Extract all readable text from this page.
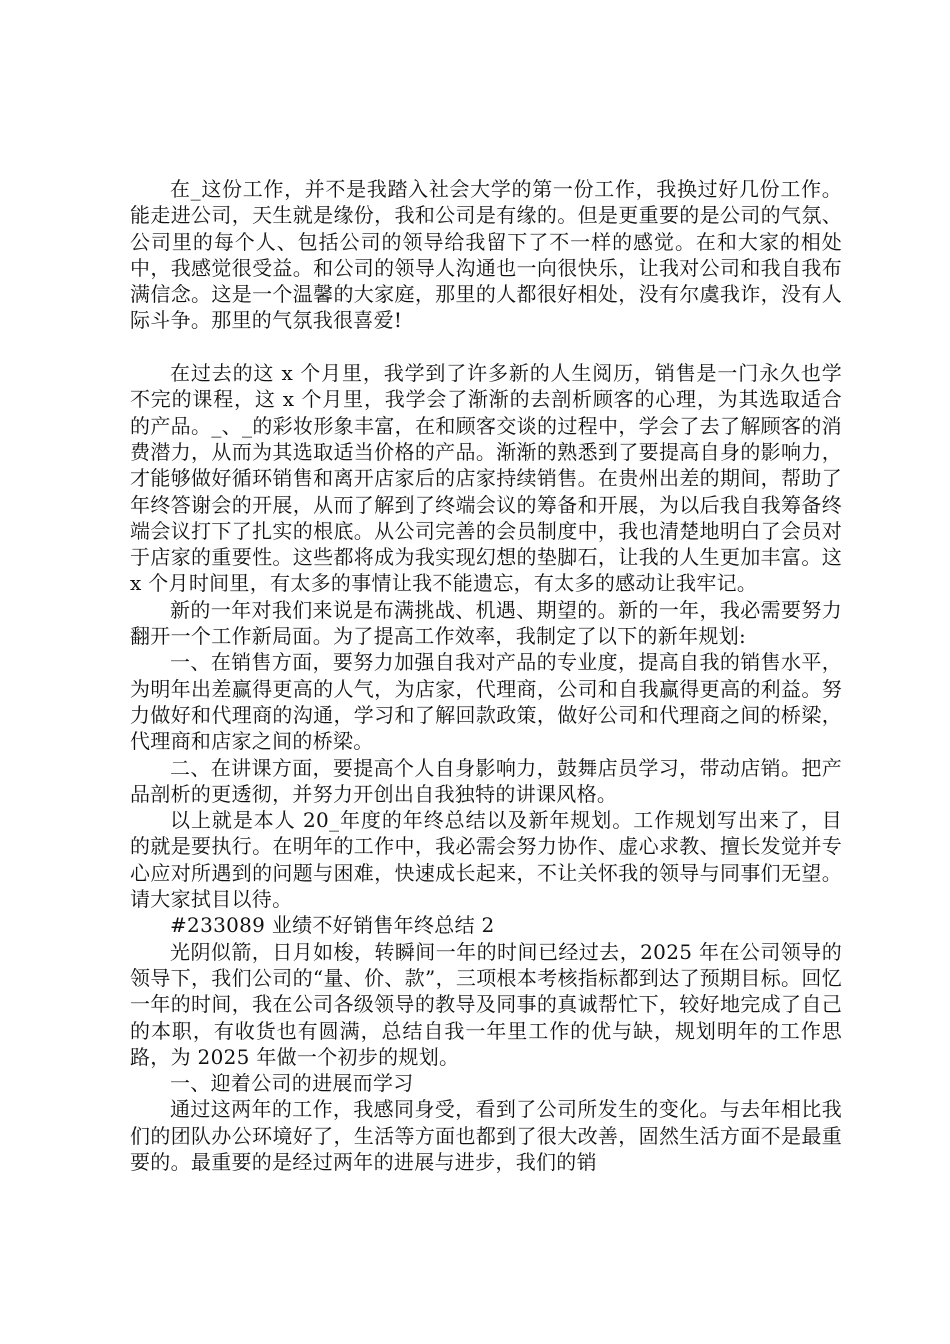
在_这份工作，并不是我踏入社会大学的第一份工作，我换过好几份工作。能走进公司，天生就是缘份，我和公司是有缘的。但是更重要的是公司的气氛、公司里的每个人、包括公司的领导给我留下了不一样的感觉。在和大家的相处中，我感觉很受益。和公司的领导人沟通也一向很快乐，让我对公司和我自我布满信念。这是一个温馨的大家庭，那里的人都很好相处，没有尔虞我诈，没有人际斗争。那里的气氛我很喜爱!

在过去的这 x 个月里，我学到了许多新的人生阅历，销售是一门永久也学不完的课程，这 x 个月里，我学会了渐渐的去剖析顾客的心理，为其选取适合的产品。_、_的彩妆形象丰富，在和顾客交谈的过程中，学会了去了解顾客的消费潜力，从而为其选取适当价格的产品。渐渐的熟悉到了要提高自身的影响力，才能够做好循环销售和离开店家后的店家持续销售。在贵州出差的期间，帮助了年终答谢会的开展，从而了解到了终端会议的筹备和开展，为以后我自我筹备终端会议打下了扎实的根底。从公司完善的会员制度中，我也清楚地明白了会员对于店家的重要性。这些都将成为我实现幻想的垫脚石，让我的人生更加丰富。这 x 个月时间里，有太多的事情让我不能遗忘，有太多的感动让我牢记。

新的一年对我们来说是布满挑战、机遇、期望的。新的一年，我必需要努力翻开一个工作新局面。为了提高工作效率，我制定了以下的新年规划:

一、在销售方面，要努力加强自我对产品的专业度，提高自我的销售水平，为明年出差赢得更高的人气，为店家，代理商，公司和自我赢得更高的利益。努力做好和代理商的沟通，学习和了解回款政策，做好公司和代理商之间的桥梁，代理商和店家之间的桥梁。

二、在讲课方面，要提高个人自身影响力，鼓舞店员学习，带动店销。把产品剖析的更透彻，并努力开创出自我独特的讲课风格。

以上就是本人 20_年度的年终总结以及新年规划。工作规划写出来了，目的就是要执行。在明年的工作中，我必需会努力协作、虚心求教、擅长发觉并专心应对所遇到的问题与困难，快速成长起来，不让关怀我的领导与同事们无望。请大家拭目以待。

#233089 业绩不好销售年终总结 2

光阴似箭，日月如梭，转瞬间一年的时间已经过去，2025 年在公司领导的领导下，我们公司的“量、价、款”，三项根本考核指标都到达了预期目标。回忆一年的时间，我在公司各级领导的教导及同事的真诚帮忙下，较好地完成了自己的本职，有收货也有圆满，总结自我一年里工作的优与缺，规划明年的工作思路，为 2025 年做一个初步的规划。

一、迎着公司的进展而学习

通过这两年的工作，我感同身受，看到了公司所发生的变化。与去年相比我们的团队办公环境好了，生活等方面也都到了很大改善，固然生活方面不是最重要的。最重要的是经过两年的进展与进步，我们的销
